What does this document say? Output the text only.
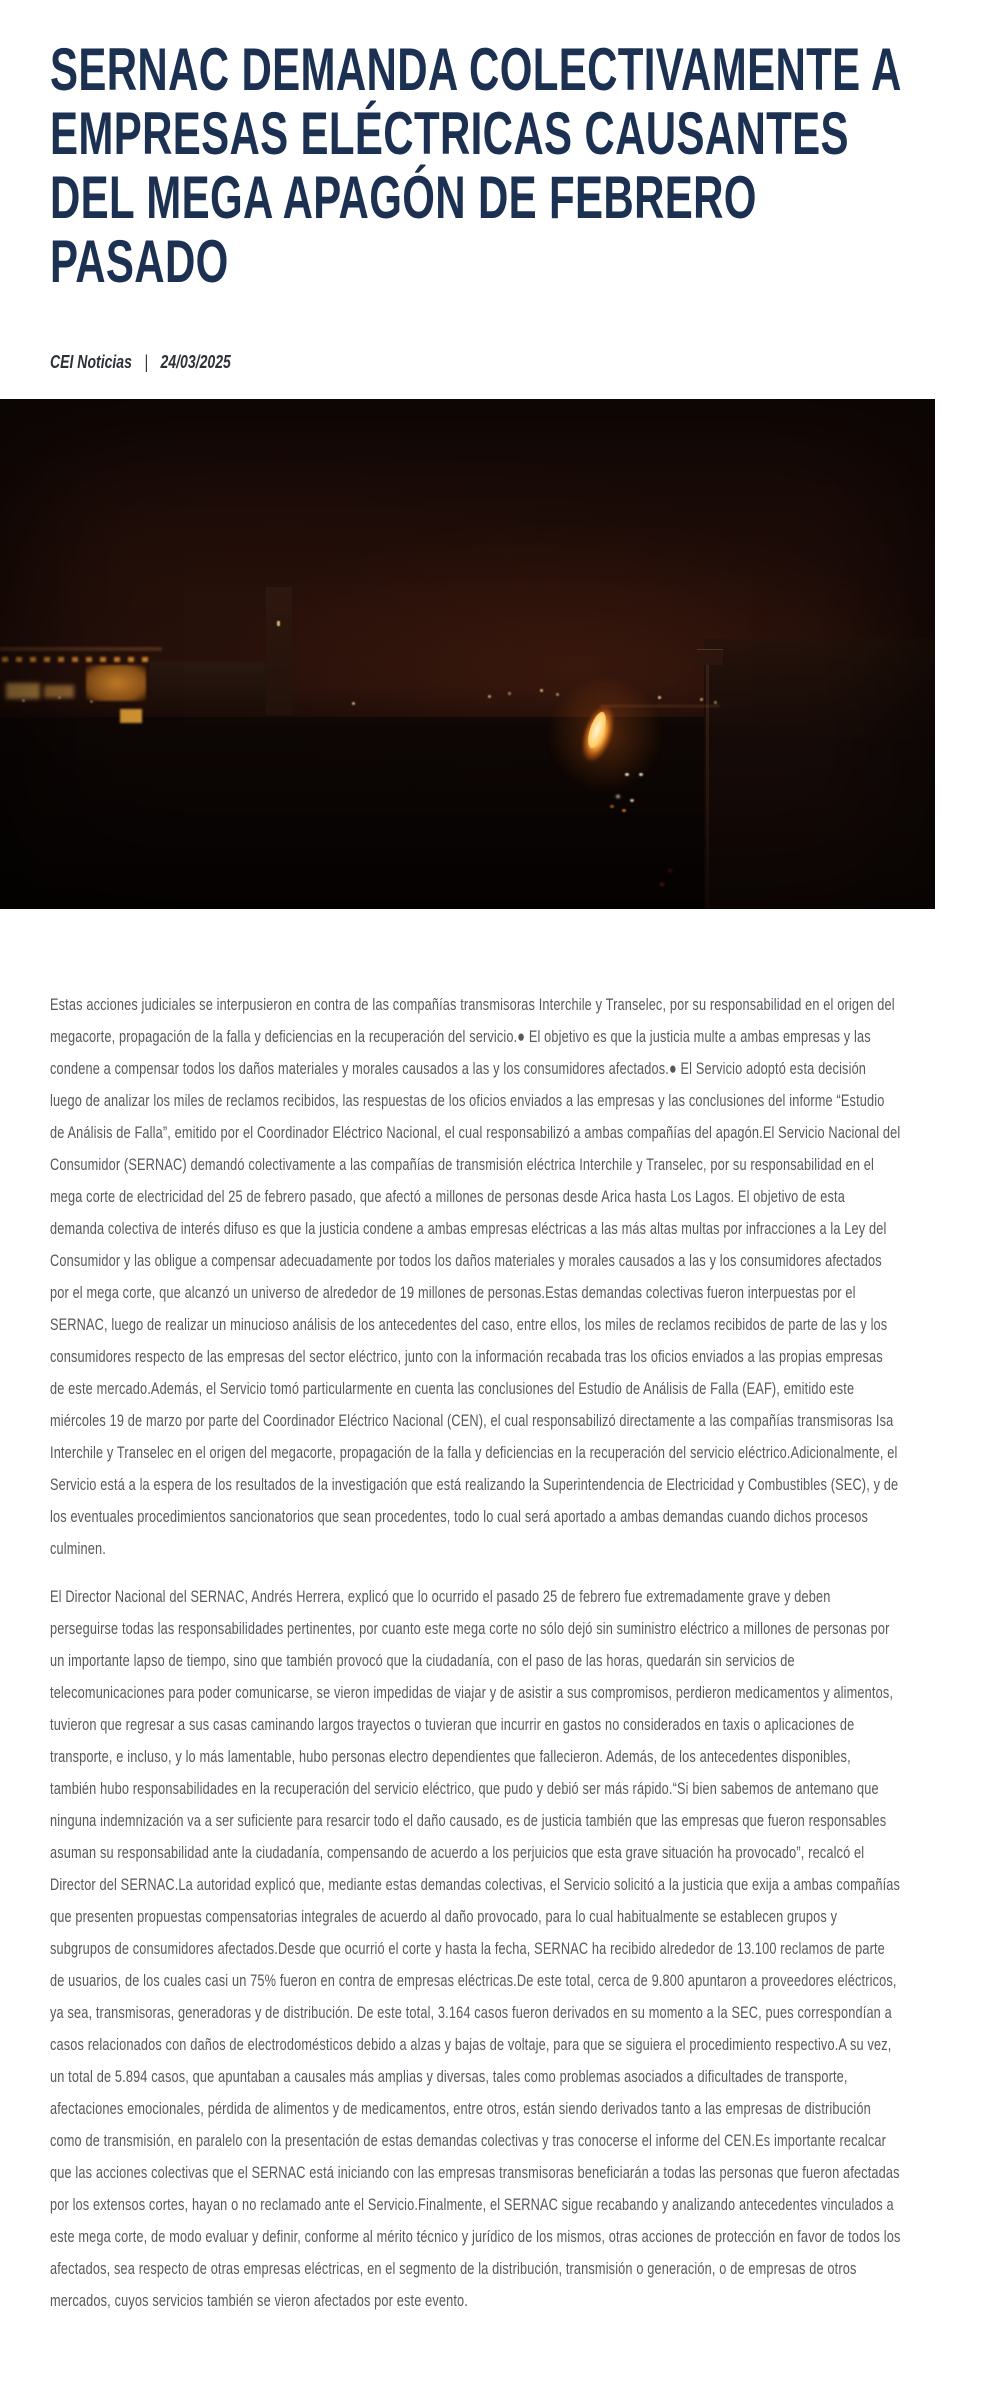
SERNAC DEMANDA COLECTIVAMENTE A
EMPRESAS ELÉCTRICAS CAUSANTES
DEL MEGA APAGÓN DE FEBRERO
PASADO
CEI Noticias | 24/03/2025

Estas acciones judiciales se interpusieron en contra de las compañías transmisoras Interchile y Transelec, por su responsabilidad en el origen del megacorte, propagación de la falla y deficiencias en la recuperación del servicio.● El objetivo es que la justicia multe a ambas empresas y las condene a compensar todos los daños materiales y morales causados a las y los consumidores afectados.● El Servicio adoptó esta decisión luego de analizar los miles de reclamos recibidos, las respuestas de los oficios enviados a las empresas y las conclusiones del informe “Estudio de Análisis de Falla”, emitido por el Coordinador Eléctrico Nacional, el cual responsabilizó a ambas compañías del apagón.El Servicio Nacional del Consumidor (SERNAC) demandó colectivamente a las compañías de transmisión eléctrica Interchile y Transelec, por su responsabilidad en el mega corte de electricidad del 25 de febrero pasado, que afectó a millones de personas desde Arica hasta Los Lagos. El objetivo de esta demanda colectiva de interés difuso es que la justicia condene a ambas empresas eléctricas a las más altas multas por infracciones a la Ley del Consumidor y las obligue a compensar adecuadamente por todos los daños materiales y morales causados a las y los consumidores afectados por el mega corte, que alcanzó un universo de alrededor de 19 millones de personas.Estas demandas colectivas fueron interpuestas por el SERNAC, luego de realizar un minucioso análisis de los antecedentes del caso, entre ellos, los miles de reclamos recibidos de parte de las y los consumidores respecto de las empresas del sector eléctrico, junto con la información recabada tras los oficios enviados a las propias empresas de este mercado.Además, el Servicio tomó particularmente en cuenta las conclusiones del Estudio de Análisis de Falla (EAF), emitido este miércoles 19 de marzo por parte del Coordinador Eléctrico Nacional (CEN), el cual responsabilizó directamente a las compañías transmisoras Isa Interchile y Transelec en el origen del megacorte, propagación de la falla y deficiencias en la recuperación del servicio eléctrico.Adicionalmente, el Servicio está a la espera de los resultados de la investigación que está realizando la Superintendencia de Electricidad y Combustibles (SEC), y de los eventuales procedimientos sancionatorios que sean procedentes, todo lo cual será aportado a ambas demandas cuando dichos procesos culminen.

El Director Nacional del SERNAC, Andrés Herrera, explicó que lo ocurrido el pasado 25 de febrero fue extremadamente grave y deben perseguirse todas las responsabilidades pertinentes, por cuanto este mega corte no sólo dejó sin suministro eléctrico a millones de personas por un importante lapso de tiempo, sino que también provocó que la ciudadanía, con el paso de las horas, quedarán sin servicios de telecomunicaciones para poder comunicarse, se vieron impedidas de viajar y de asistir a sus compromisos, perdieron medicamentos y alimentos, tuvieron que regresar a sus casas caminando largos trayectos o tuvieran que incurrir en gastos no considerados en taxis o aplicaciones de transporte, e incluso, y lo más lamentable, hubo personas electro dependientes que fallecieron. Además, de los antecedentes disponibles, también hubo responsabilidades en la recuperación del servicio eléctrico, que pudo y debió ser más rápido.“Si bien sabemos de antemano que ninguna indemnización va a ser suficiente para resarcir todo el daño causado, es de justicia también que las empresas que fueron responsables asuman su responsabilidad ante la ciudadanía, compensando de acuerdo a los perjuicios que esta grave situación ha provocado”, recalcó el Director del SERNAC.La autoridad explicó que, mediante estas demandas colectivas, el Servicio solicitó a la justicia que exija a ambas compañías que presenten propuestas compensatorias integrales de acuerdo al daño provocado, para lo cual habitualmente se establecen grupos y subgrupos de consumidores afectados.Desde que ocurrió el corte y hasta la fecha, SERNAC ha recibido alrededor de 13.100 reclamos de parte de usuarios, de los cuales casi un 75% fueron en contra de empresas eléctricas.De este total, cerca de 9.800 apuntaron a proveedores eléctricos, ya sea, transmisoras, generadoras y de distribución. De este total, 3.164 casos fueron derivados en su momento a la SEC, pues correspondían a casos relacionados con daños de electrodomésticos debido a alzas y bajas de voltaje, para que se siguiera el procedimiento respectivo.A su vez, un total de 5.894 casos, que apuntaban a causales más amplias y diversas, tales como problemas asociados a dificultades de transporte, afectaciones emocionales, pérdida de alimentos y de medicamentos, entre otros, están siendo derivados tanto a las empresas de distribución como de transmisión, en paralelo con la presentación de estas demandas colectivas y tras conocerse el informe del CEN.Es importante recalcar que las acciones colectivas que el SERNAC está iniciando con las empresas transmisoras beneficiarán a todas las personas que fueron afectadas por los extensos cortes, hayan o no reclamado ante el Servicio.Finalmente, el SERNAC sigue recabando y analizando antecedentes vinculados a este mega corte, de modo evaluar y definir, conforme al mérito técnico y jurídico de los mismos, otras acciones de protección en favor de todos los afectados, sea respecto de otras empresas eléctricas, en el segmento de la distribución, transmisión o generación, o de empresas de otros mercados, cuyos servicios también se vieron afectados por este evento.
